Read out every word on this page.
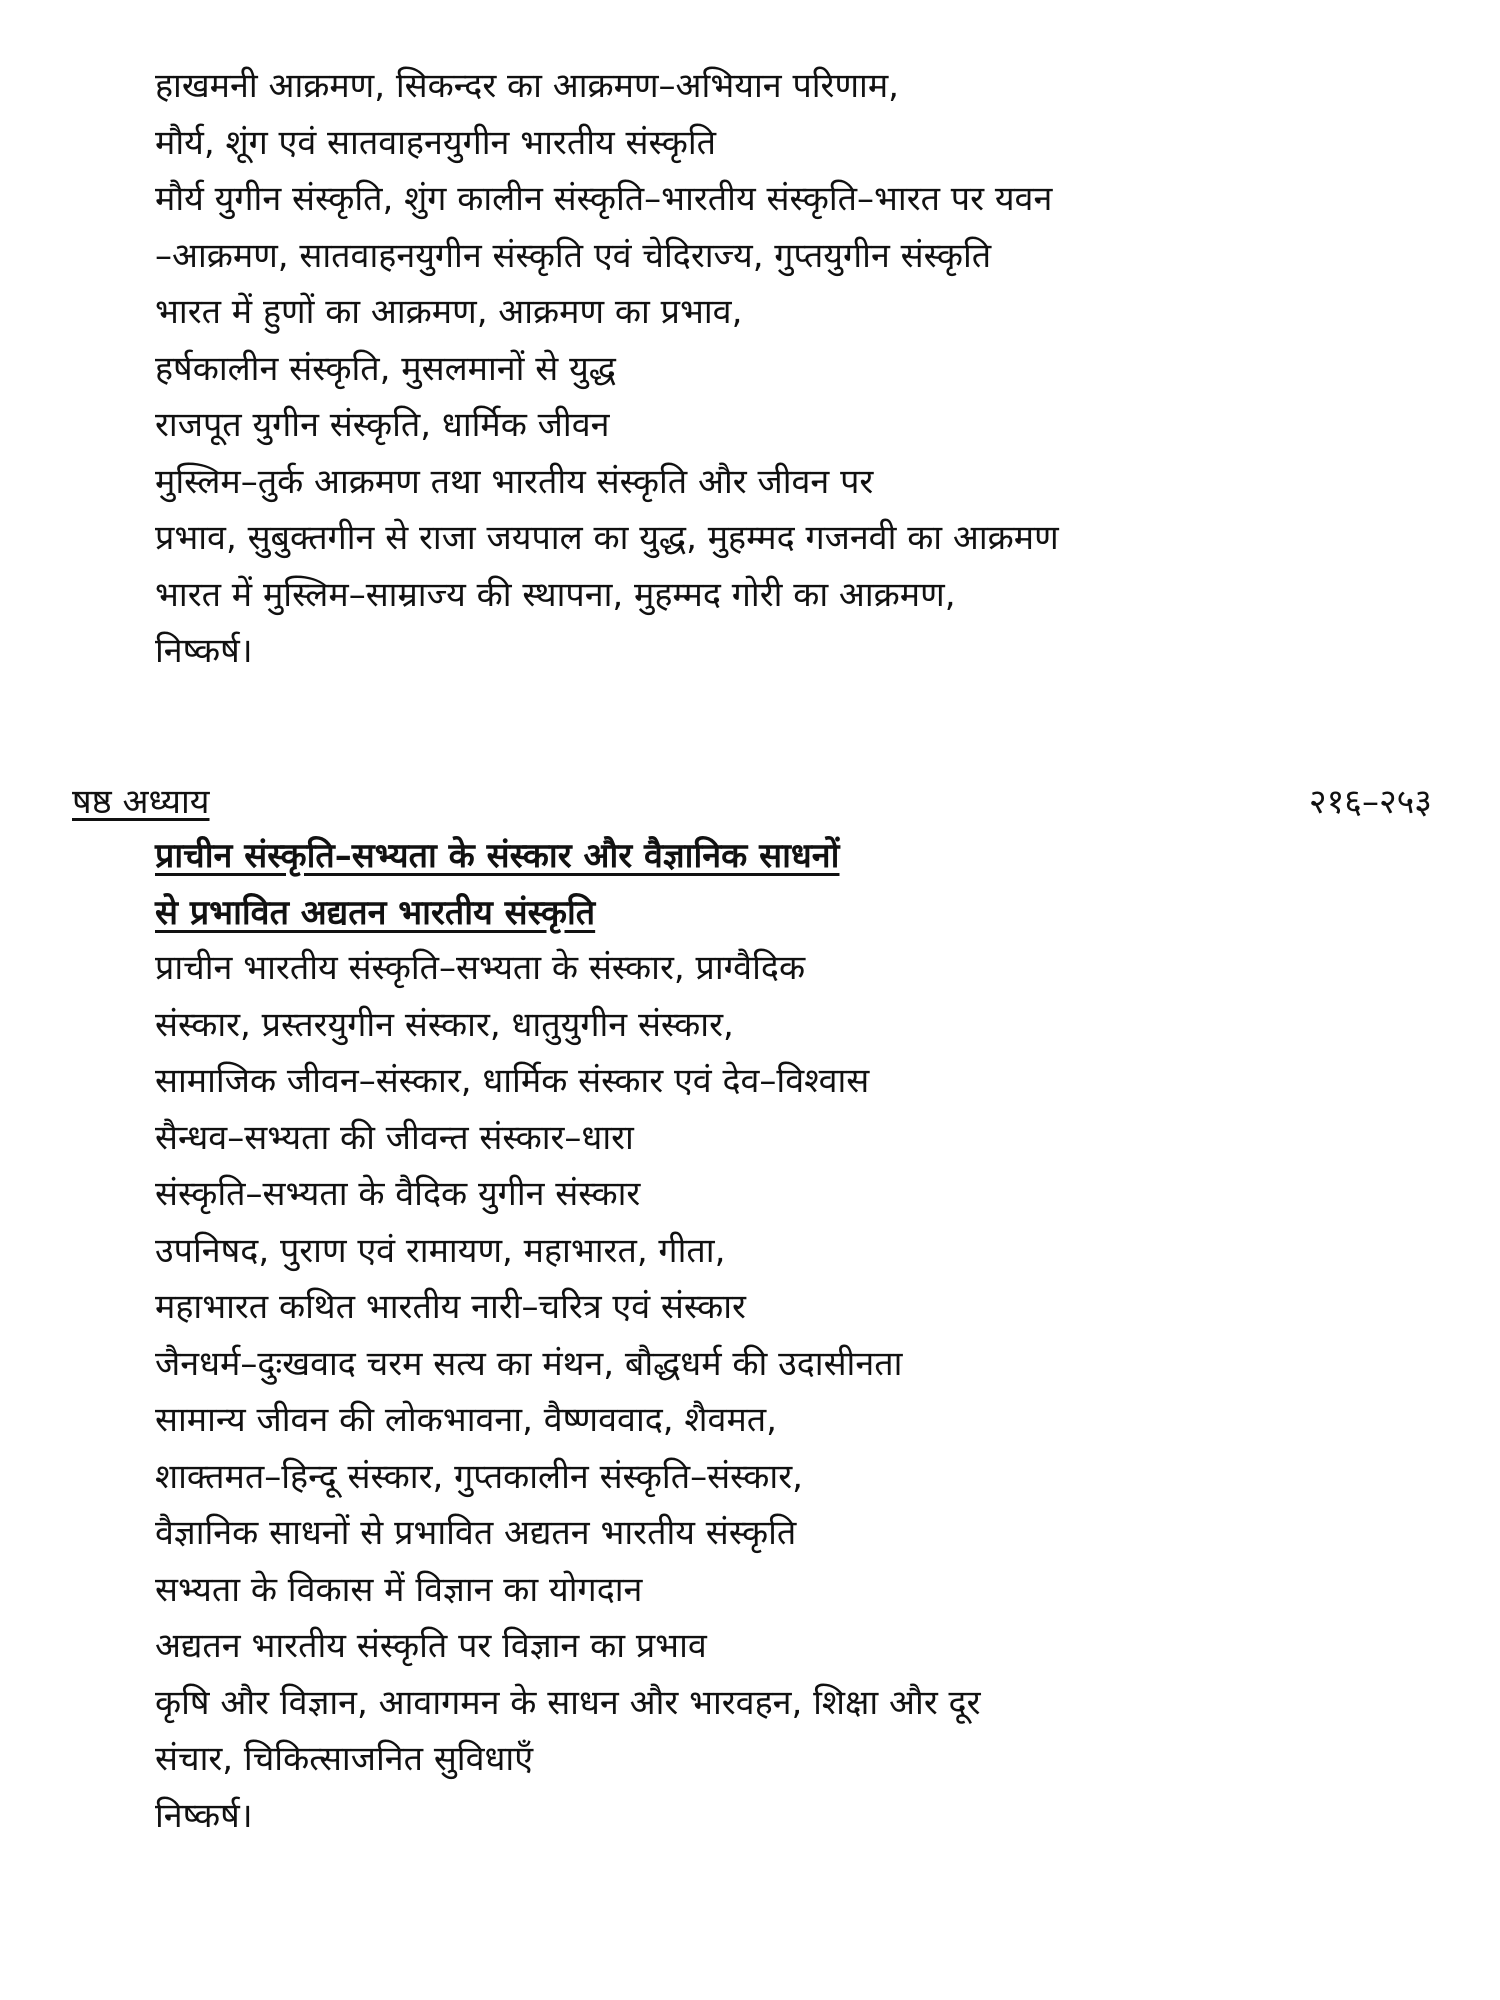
हाखमनी आक्रमण, सिकन्दर का आक्रमण–अभियान परिणाम,
मौर्य, शूंग एवं सातवाहनयुगीन भारतीय संस्कृति
मौर्य युगीन संस्कृति, शुंग कालीन संस्कृति–भारतीय संस्कृति–भारत पर यवन
–आक्रमण, सातवाहनयुगीन संस्कृति एवं चेदिराज्य, गुप्तयुगीन संस्कृति
भारत में हुणों का आक्रमण, आक्रमण का प्रभाव,
हर्षकालीन संस्कृति, मुसलमानों से युद्ध
राजपूत युगीन संस्कृति, धार्मिक जीवन
मुस्लिम–तुर्क आक्रमण तथा भारतीय संस्कृति और जीवन पर
प्रभाव, सुबुक्तगीन से राजा जयपाल का युद्ध, मुहम्मद गजनवी का आक्रमण
भारत में मुस्लिम–साम्राज्य की स्थापना, मुहम्मद गोरी का आक्रमण,
निष्कर्ष।
षष्ठ अध्याय	२१६–२५३
प्राचीन संस्कृति–सभ्यता के संस्कार और वैज्ञानिक साधनों
से प्रभावित अद्यतन भारतीय संस्कृति
प्राचीन भारतीय संस्कृति–सभ्यता के संस्कार, प्राग्वैदिक
संस्कार, प्रस्तरयुगीन संस्कार, धातुयुगीन संस्कार,
सामाजिक जीवन–संस्कार, धार्मिक संस्कार एवं देव–विश्वास
सैन्धव–सभ्यता की जीवन्त संस्कार–धारा
संस्कृति–सभ्यता के वैदिक युगीन संस्कार
उपनिषद, पुराण एवं रामायण, महाभारत, गीता,
महाभारत कथित भारतीय नारी–चरित्र एवं संस्कार
जैनधर्म–दुःखवाद चरम सत्य का मंथन, बौद्धधर्म की उदासीनता
सामान्य जीवन की लोकभावना, वैष्णववाद, शैवमत,
शाक्तमत–हिन्दू संस्कार, गुप्तकालीन संस्कृति–संस्कार,
वैज्ञानिक साधनों से प्रभावित अद्यतन भारतीय संस्कृति
सभ्यता के विकास में विज्ञान का योगदान
अद्यतन भारतीय संस्कृति पर विज्ञान का प्रभाव
कृषि और विज्ञान, आवागमन के साधन और भारवहन, शिक्षा और दूर
संचार, चिकित्साजनित सुविधाएँ
निष्कर्ष।
